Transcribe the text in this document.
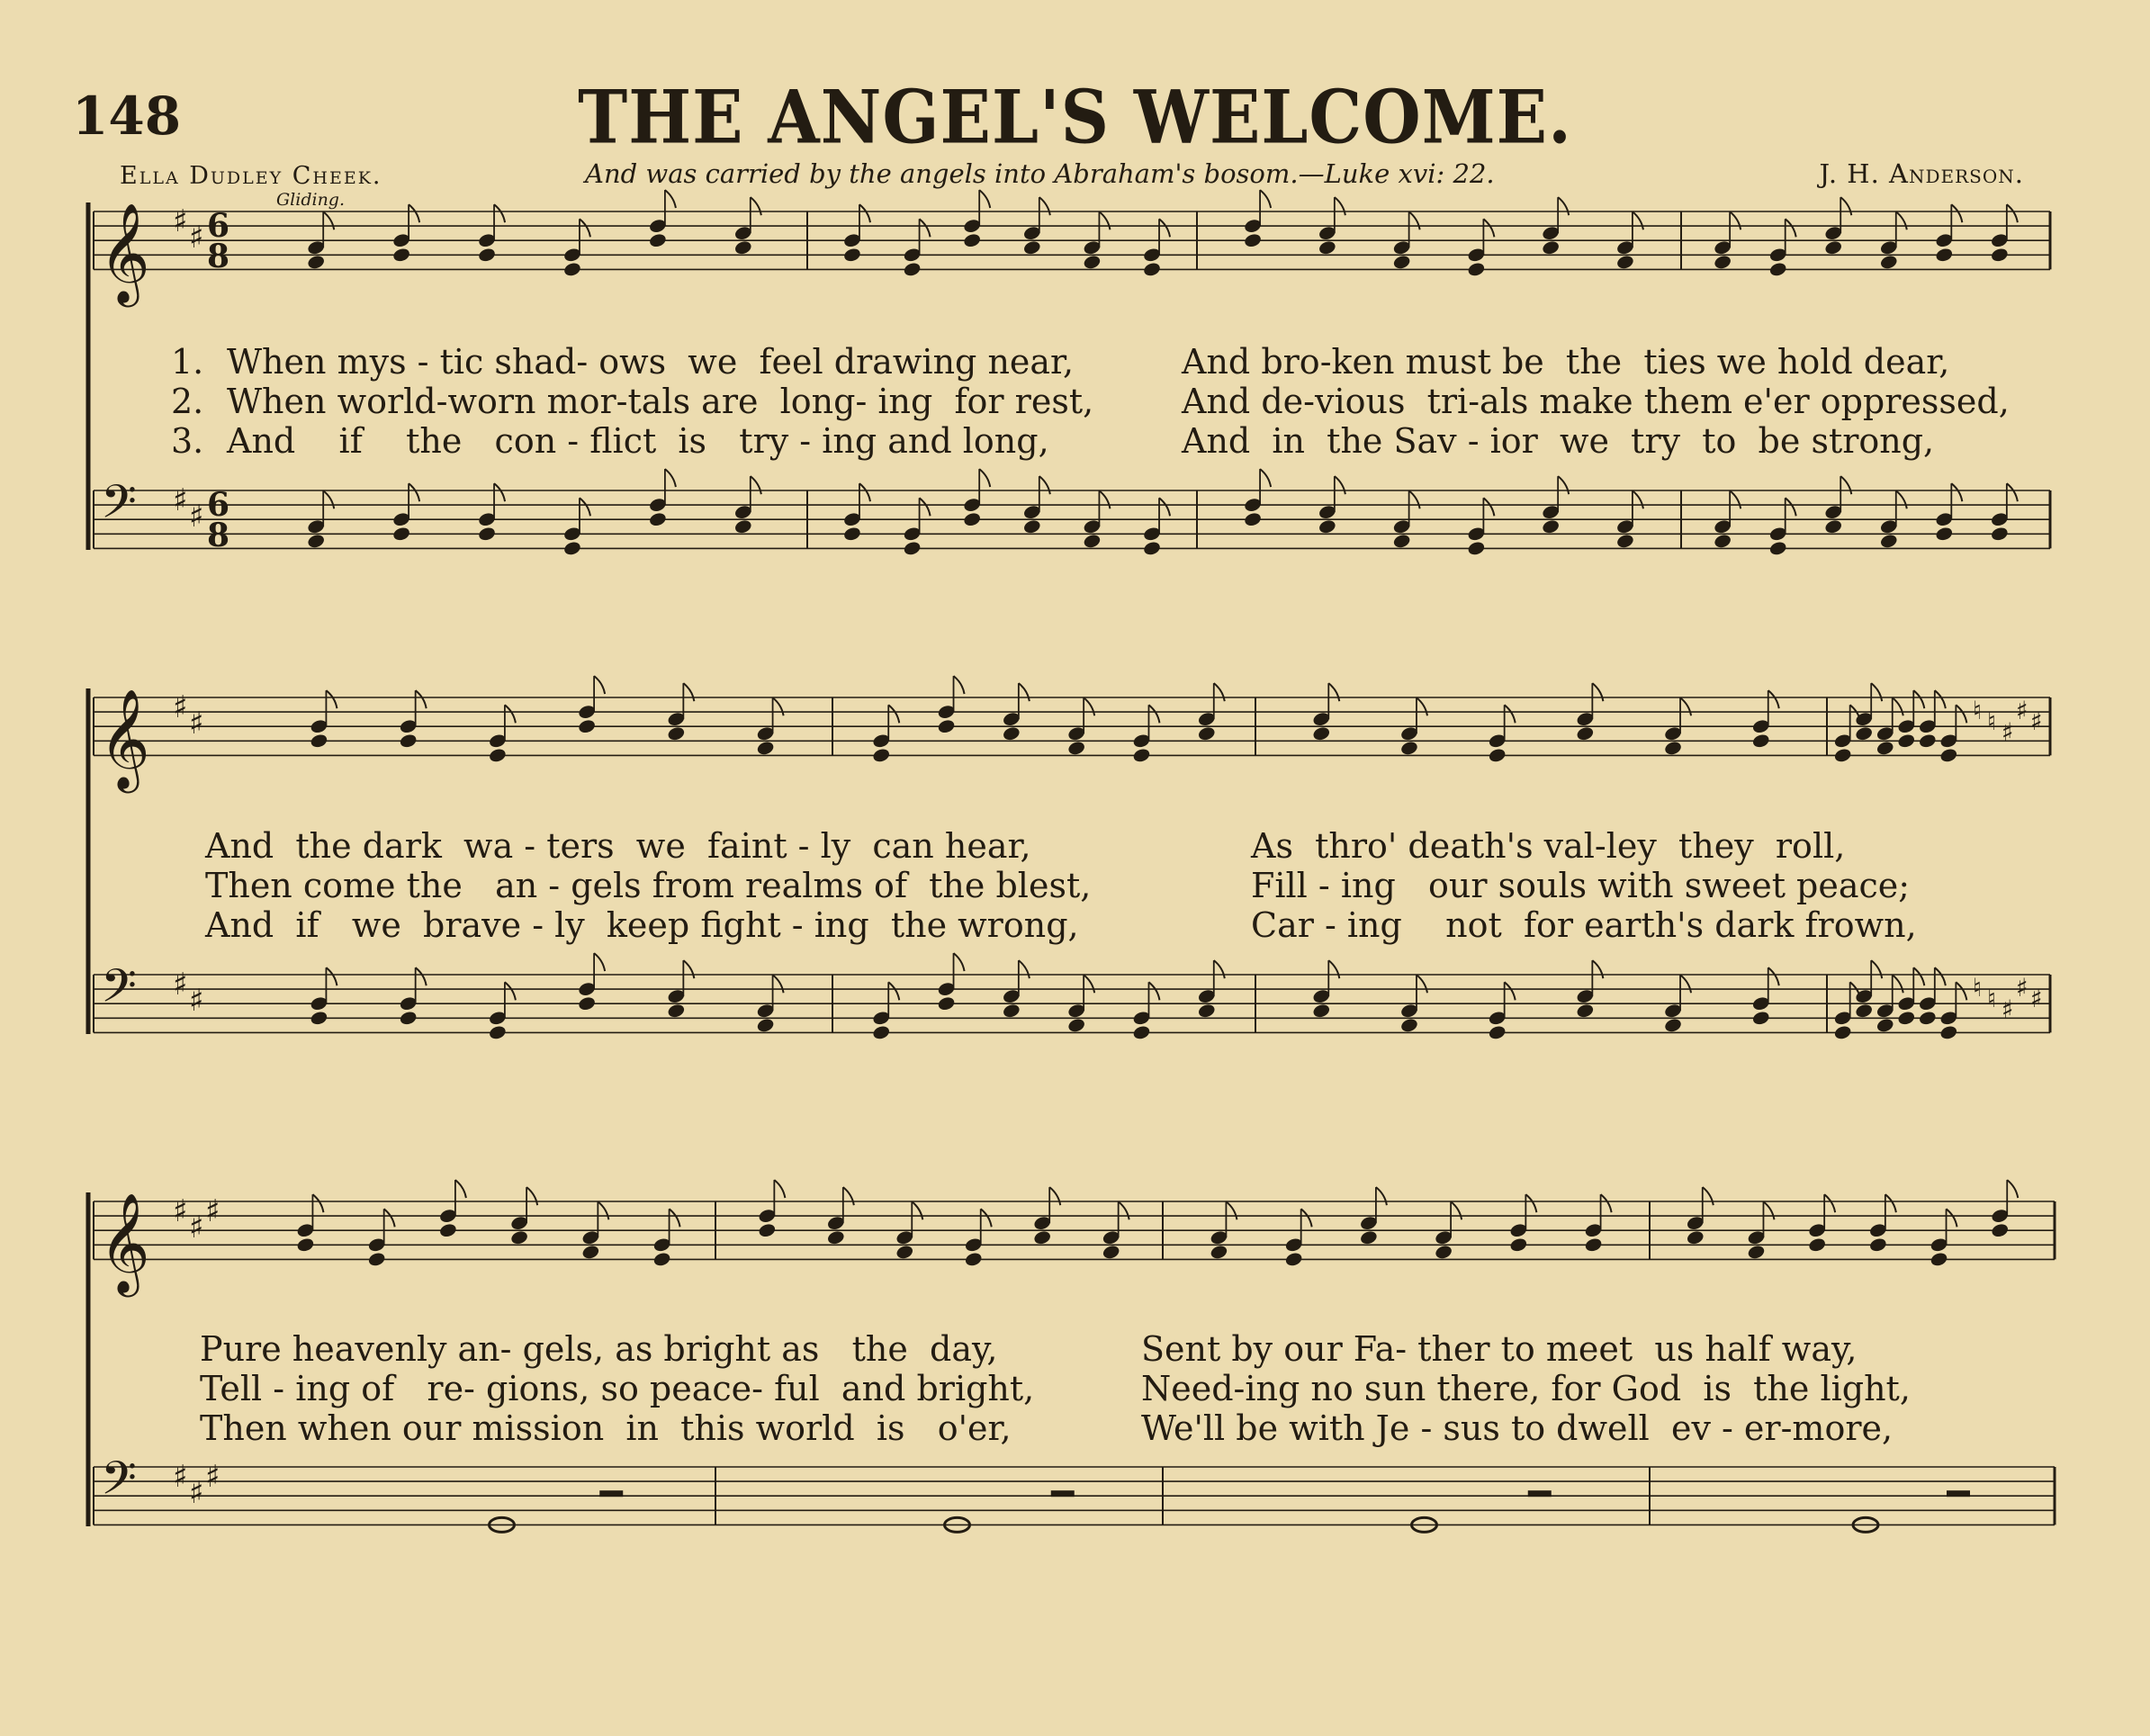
148	THE ANGEL'S WELCOME.
Ella Dudley Cheek.	And was carried by the angels into Abraham's bosom.—Luke xvi: 22.	J. H. Anderson.
Gliding.
𝄞 ♯ ♯ 6
8
𝄢 ♯ ♯ 6
8
𝄞 ♯ ♯	♮ ♮ ♯
♯ ♯
𝄢 ♯ ♯	♮ ♮ ♯
♯ ♯
𝄞 ♯ ♯ ♯
𝄢 ♯ ♯ ♯
1. When mys - tic shad- ows  we  feel drawing near,	And bro-ken must be  the  ties we hold dear,
2. When world-worn mor-tals are  long- ing  for rest,	And de-vious  tri-als make them e'er oppressed,
3. And    if    the   con - flict  is   try - ing and long,	And  in  the Sav - ior  we  try  to  be strong,
And  the dark  wa - ters  we  faint - ly  can hear,	As  thro' death's val-ley  they  roll,
Then come the   an - gels from realms of  the blest,	Fill - ing   our souls with sweet peace;
And  if   we  brave - ly  keep fight - ing  the wrong,	Car - ing    not  for earth's dark frown,
Pure heavenly an- gels, as bright as   the  day,	Sent by our Fa- ther to meet  us half way,
Tell - ing of   re- gions, so peace- ful  and bright,	Need-ing no sun there, for God  is  the light,
Then when our mission  in  this world  is   o'er,	We'll be with Je - sus to dwell  ev - er-more,
